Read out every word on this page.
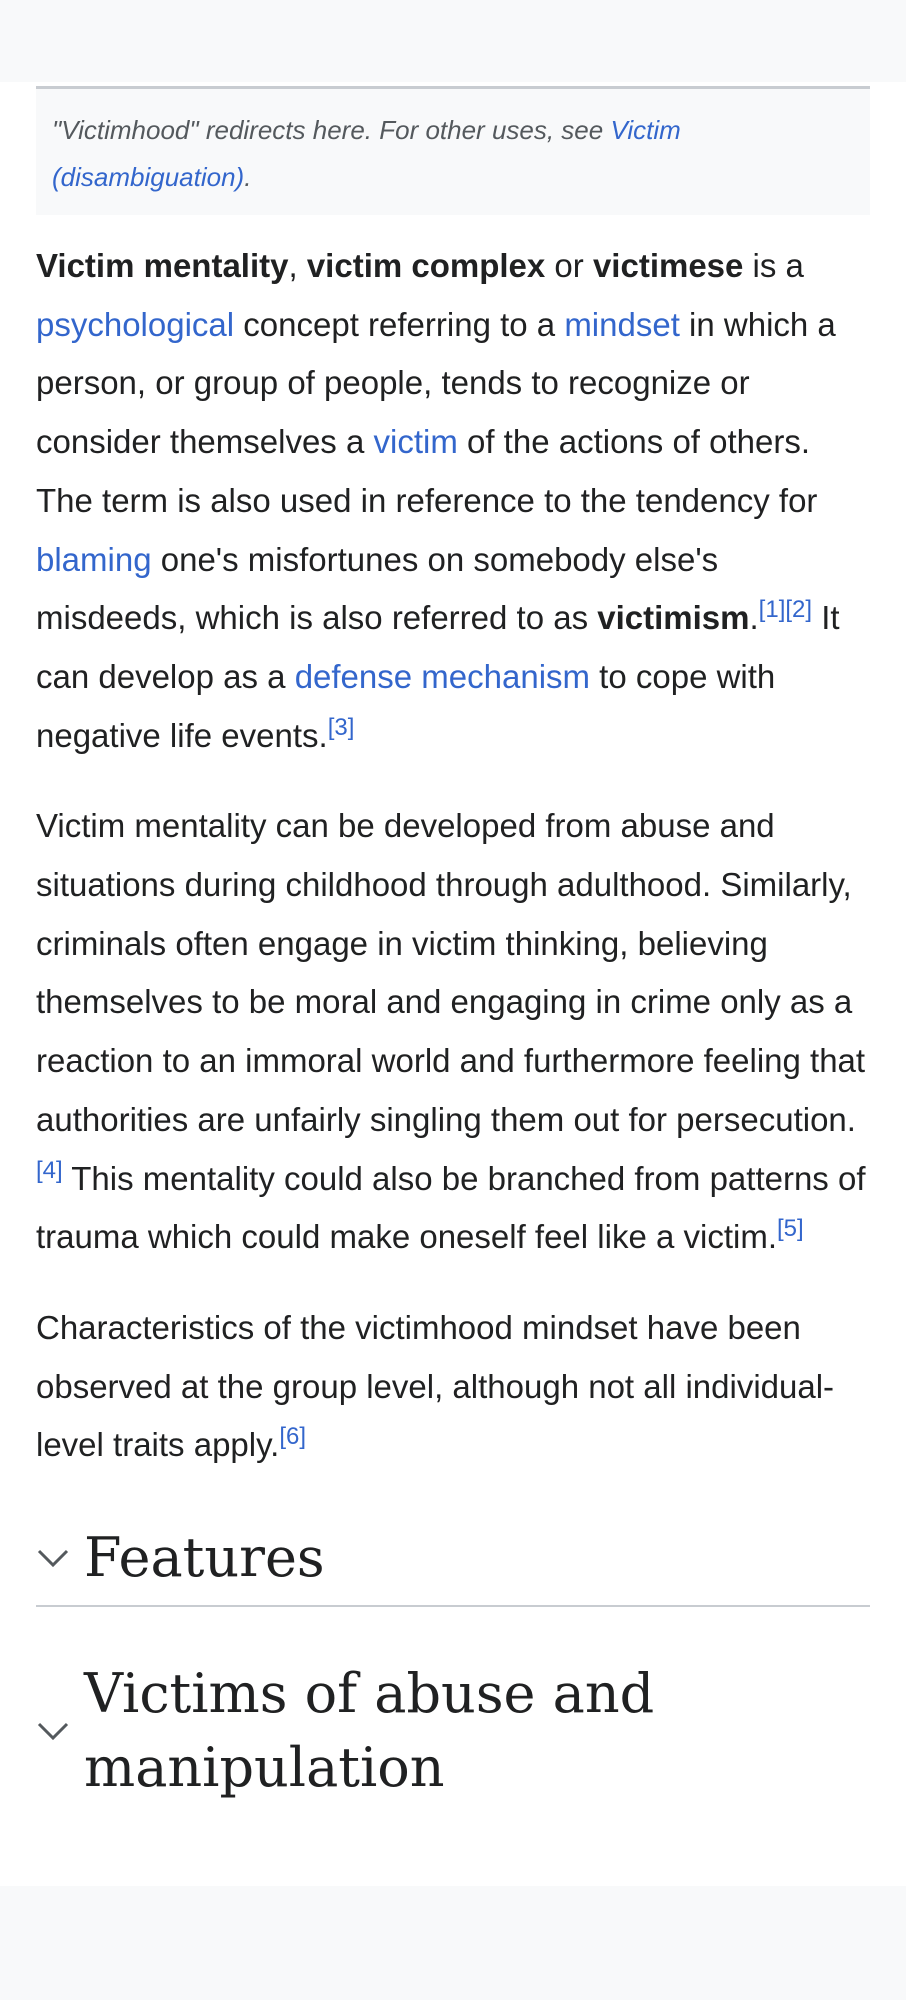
"Victimhood" redirects here. For other uses, see Victim (disambiguation).

Victim mentality, victim complex or victimese is a psychological concept referring to a mindset in which a person, or group of people, tends to recognize or consider themselves a victim of the actions of others. The term is also used in reference to the tendency for blaming one's misfortunes on somebody else's misdeeds, which is also referred to as victimism.[1][2] It can develop as a defense mechanism to cope with negative life events.[3]

Victim mentality can be developed from abuse and situations during childhood through adulthood. Similarly, criminals often engage in victim thinking, believing themselves to be moral and engaging in crime only as a reaction to an immoral world and furthermore feeling that authorities are unfairly singling them out for persecution.[4] This mentality could also be branched from patterns of trauma which could make oneself feel like a victim.[5]

Characteristics of the victimhood mindset have been observed at the group level, although not all individual-level traits apply.[6]

Features
Victims of abuse and manipulation
